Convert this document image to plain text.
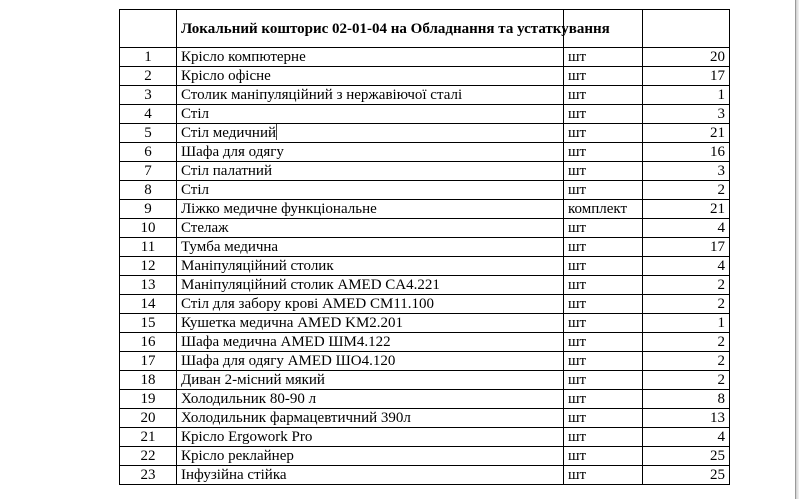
	Локальний кошторис 02-01-04 на Обладнання та устаткування		
1	Крісло компютерне	шт	20
2	Крісло офісне	шт	17
3	Столик маніпуляційний з нержавіючої сталі	шт	1
4	Стіл	шт	3
5	Стіл медичний	шт	21
6	Шафа для одягу	шт	16
7	Стіл палатний	шт	3
8	Стіл	шт	2
9	Ліжко медичне функціональне	комплект	21
10	Стелаж	шт	4
11	Тумба медична	шт	17
12	Маніпуляційний столик	шт	4
13	Маніпуляційний столик AMED CA4.221	шт	2
14	Стіл для забору крові AMED CM11.100	шт	2
15	Кушетка медична AMED KM2.201	шт	1
16	Шафа медична AMED ШМ4.122	шт	2
17	Шафа для одягу AMED ШО4.120	шт	2
18	Диван 2-місний мякий	шт	2
19	Холодильник 80-90 л	шт	8
20	Холодильник фармацевтичний 390л	шт	13
21	Крісло Ergowork Pro	шт	4
22	Крісло реклайнер	шт	25
23	Інфузійна стійка	шт	25
